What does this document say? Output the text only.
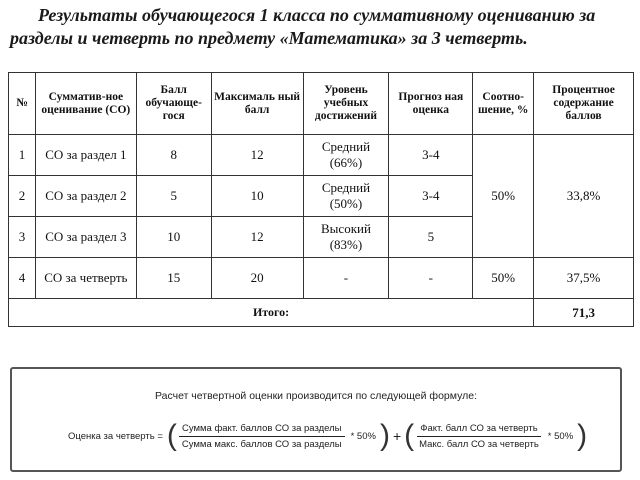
Результаты обучающегося 1 класса по суммативному оцениванию за
разделы и четверть по предмету «Математика» за 3 четверть.
№	Сумматив-ное оценивание (СО)	Балл обучающе-гося	Максималь ный балл	Уровень учебных достижений	Прогноз ная оценка	Соотно-шение, %	Процентное содержание баллов
1	СО за раздел 1	8	12	Средний (66%)	3-4	50%	33,8%
2	СО за раздел 2	5	10	Средний (50%)	3-4		
3	СО за раздел 3	10	12	Высокий (83%)	5		
4	СО за четверть	15	20	-	-	50%	37,5%
Итого:							71,3
Расчет четвертной оценки производится по следующей формуле:
Оценка за четверть = ( $\frac{\text{Сумма факт. баллов СО за разделы}}{\text{Сумма макс. баллов СО за разделы}} * 50\%$ ) + ( $\frac{\text{Факт. балл СО за четверть}}{\text{Макс. балл СО за четверть}} * 50\%$ )
